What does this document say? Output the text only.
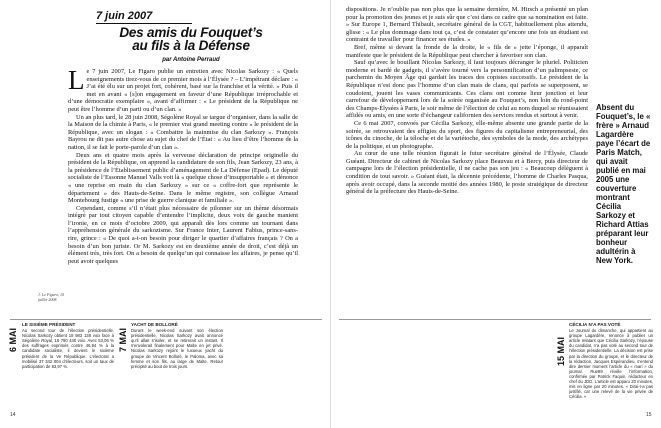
7 juin 2007
Des amis du Fouquet’s
au fils à la Défense
par Antoine Perraud

Le 7 juin 2007, Le Figaro publie un entretien avec Nicolas Sarkozy : « Quels enseignements tirez-vous de ce premier mois à l’Élysée ? – L’impétrant déclare : « J’ai été élu sur un projet fort, cohérent, basé sur la franchise et la vérité. » Puis il met en avant « [s]on engagement en faveur d’une République irréprochable et d’une démocratie exemplaire », avant d’affirmer : « Le président de la République ne peut être l’homme d’un parti ou d’un clan. »

Un an plus tard, le 28 juin 2008, Ségolène Royal se targue d’organiser, dans la salle de la Maison de la chimie à Paris, « le premier vrai grand meeting contre » le président de la République, avec un slogan : « Combattre la mainmise du clan Sarkozy ». François Bayrou ne dit pas autre chose au sujet du chef de l’État : « Au lieu d’être l’homme de la nation, il se fait le porte-parole d’un clan ».

Deux ans et quatre mois après la verveuse déclaration de principe originelle du président de la République, on apprend la candidature de son fils, Jean Sarkozy, 23 ans, à la présidence de l’Établissement public d’aménagement de La Défense (Epad). Le député socialiste de l’Essonne Manuel Valls voit là « quelque chose d’insupportable » et dénonce « une reprise en main du clan Sarkozy » sur ce « coffre-fort que représente le département » des Hauts-de-Seine. Dans le même registre, son collègue Arnaud Montebourg fustige « une prise de guerre clanique et familiale ».

Cependant, comme s’il n’était plus nécessaire de pilonner sur un thème désormais intégré par tout citoyen capable d’entendre l’implicite, deux voix de gauche manient l’ironie, en ce mois d’octobre 2009, qui apparaît dès lors comme un tournant dans l’appréhension générale du sarkozisme. Sur France Inter, Laurent Fabius, prince-sans-rire, grince : « De quoi a-t-on besoin pour diriger le quartier d’affaires français ? On a besoin d’un bon juriste. Or M. Sarkozy est en deuxième année de droit, c’est déjà un élément très, très fort. On a besoin de quelqu’un qui connaisse les affaires, je pense qu’il peut avoir quelques

1. Le Figaro, 10 juillet 2008.

dispositions. Je n’oublie pas non plus que la semaine dernière, M. Hirsch a présenté un plan pour la promotion des jeunes et je suis sûr que c’est dans ce cadre que sa nomination est faite. » Sur Europe 1, Bernard Thibault, secrétaire général de la CGT, habituellement plus attendu, glisse : « Le plus dommage dans tout ça, c’est de constater qu’encore une fois un étudiant est contraint de travailler pour financer ses études. »

Bref, même si devant la fronde de la droite, le « fils de » jette l’éponge, il apparaît manifeste que le président de la République peut chercher à favoriser son clan.

Sauf qu’avec le bouillant Nicolas Sarkozy, il faut toujours décranger le pluriel. Politicien moderne et bardé de gadgets, il s’avère tourné vers la personnification d’un palimpseste, ce parchemin du Moyen Âge qui gardait les traces des copistes successifs. Le président de la République n’est donc pas l’homme d’un clan mais de clans, qui parfois se superposent, se coudoient, jouent les vases communicants. Ces clans ont comme lieur jonction et leur carrefour de développement lors de la soirée organisée au Fouquet’s, non loin du rond-point des Champs-Élysées à Paris, le soir même de l’élection de celui au nom duquel se réunissaient affidés ou amis, en une sorte d’échangeur californien des services rendus et surtout à venir.

Ce 6 mai 2007, convoés par Cécilia Sarkozy, elle-même absente une grande partie de la soirée, se retrouvaient des effigies du sport, des figures du capitalisme entrepreneurial, des icônes du cinoche, de la téloche et de la variétoche, des symboles de la mode, des archétypes de la politique, et un photographe.

Au cœur de une telle réunion figurait le futur secrétaire général de l’Élysée, Claude Guéant. Directeur de cabinet de Nicolas Sarkozy place Beauvau et à Bercy, puis directeur de campagne lors de l’élection présidentielle, il ne cache pas son jeu : « Beaucoup délèguent à condition de tout savoir. » Guéant était, la décennie précédente, l’homme de Charles Pasqua, après avoir occupé, dans la seconde moitié des années 1980, le poste stratégique de directeur général de la préfecture des Hauts-de-Seine.

Absent du Fouquet’s, le « frère » Arnaud Lagardère paye l’écart de Paris Match, qui avait publié en mai 2005 une couverture montrant Cécilia Sarkozy et Richard Attias préparant leur bonheur adultérin à New York.
6 MAI
LE SIXIÈME PRÉSIDENT
Au second tour de l’élection présidentielle, Nicolas Sarkozy obtient 18 983 138 voix face à Ségolène Royal, 16 790 440 voix. Avec 53,06 % des suffrages exprimés contre 46,94 % à la candidate socialiste, il devient le sixième président de la Ve République. L’électorat a mobilisé 37 342 004 d’électeurs, soit un taux de participation de 83,97 %.
7 MAI
YACHT DE BOLLORÉ
Durant le week-end suivant son élection présidentielle, Nicolas Sarkozy avait annoncé qu’il allait s’isoler, et se retirerait un instant. Il s’envolerait finalement pour Malte en jet privé. Nicolas Sarkozy rejoint le luxueux yacht du groupe de Vincent Bolloré, le Paloma, avec sa femme et son fils, au large de Malte. Retour précipité au bout de trois jours.
15 MAI
CÉCILIA N’A PAS VOTÉ
Le Journal du dimanche, qui appartient au groupe Lagardère, renonce à publier un article relatant que Cécilia Sarkozy, l’épouse du candidat, n’a pas voté au second tour de l’élection présidentielle. La décision est prise par la direction du groupe, et le directeur de la rédaction, Jacques Espérandieu, s’entend dire dernier moment l’article du « mari » du journal. Rue89 révèle l’information, confirmée par Patrick Faquin, rédacteur en chef du JDD. L’article est apparu 20 minutes, mis en ligne par 20 minutes. « Dirai-t-a pas justifié, car une relevé de la vie privée de Cécilia. »
14	15
